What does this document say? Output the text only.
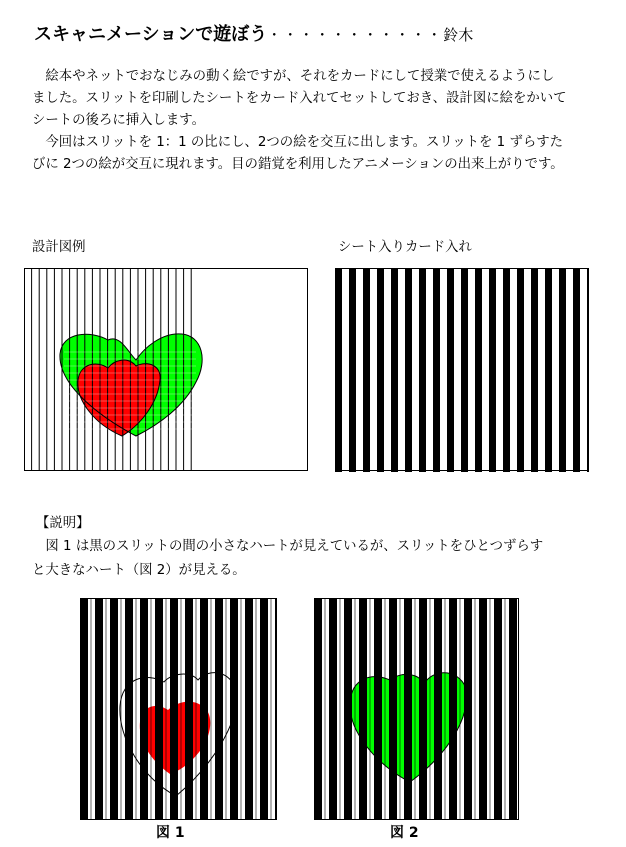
スキャニメーションで遊ぼう・・・・・・・・・・・鈴木
　絵本やネットでおなじみの動く絵ですが、それをカードにして授業で使えるようにし
ました。スリットを印刷したシートをカード入れてセットしておき、設計図に絵をかいて
シートの後ろに挿入します。
　今回はスリットを 1：1 の比にし、2つの絵を交互に出します。スリットを 1 ずらすた
びに 2つの絵が交互に現れます。目の錯覚を利用したアニメーションの出来上がりです。
設計図例	シート入りカード入れ
【説明】
　図 1 は黒のスリットの間の小さなハートが見えているが、スリットをひとつずらす
と大きなハート（図 2）が見える。
図 1	図 2
